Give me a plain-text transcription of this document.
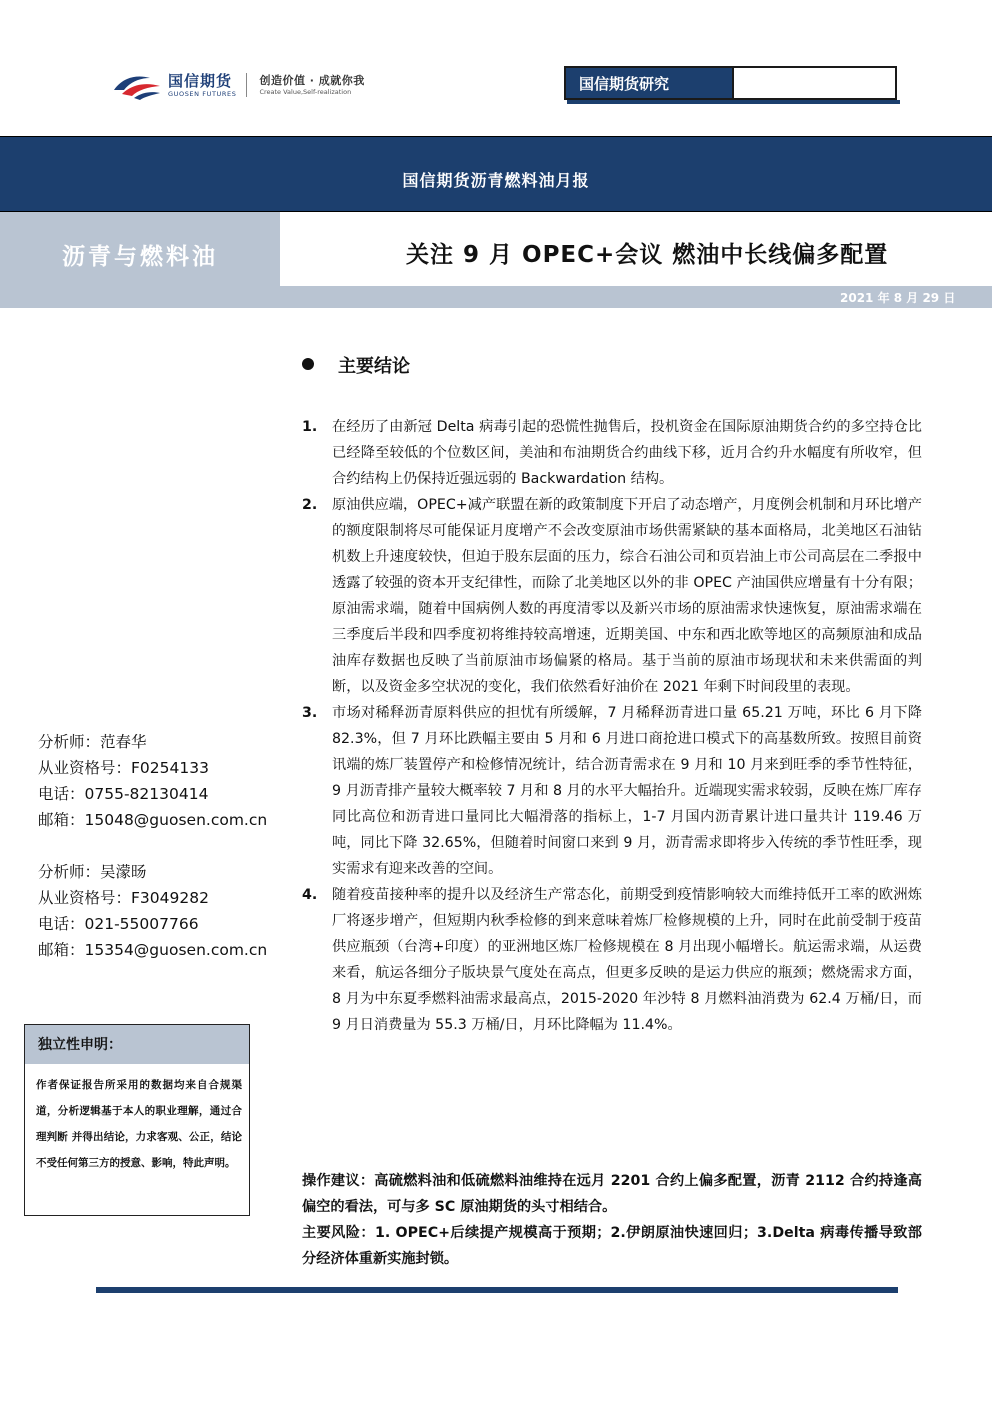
国信期货
GUOSEN FUTURES
创造价值 · 成就你我
Create Value,Self-realization	国信期货研究
国信期货沥青燃料油月报
沥青与燃料油	关注 9 月 OPEC+会议 燃油中长线偏多配置
2021 年 8 月 29 日
主要结论
1.	在经历了由新冠 Delta 病毒引起的恐慌性抛售后，投机资金在国际原油期货合约的多空持仓比已经降至较低的个位数区间，美油和布油期货合约曲线下移，近月合约升水幅度有所收窄，但合约结构上仍保持近强远弱的 Backwardation 结构。
2.	原油供应端，OPEC+减产联盟在新的政策制度下开启了动态增产，月度例会机制和月环比增产的额度限制将尽可能保证月度增产不会改变原油市场供需紧缺的基本面格局，北美地区石油钻机数上升速度较快，但迫于股东层面的压力，综合石油公司和页岩油上市公司高层在二季报中透露了较强的资本开支纪律性，而除了北美地区以外的非 OPEC 产油国供应增量有十分有限；原油需求端，随着中国病例人数的再度清零以及新兴市场的原油需求快速恢复，原油需求端在三季度后半段和四季度初将维持较高增速，近期美国、中东和西北欧等地区的高频原油和成品油库存数据也反映了当前原油市场偏紧的格局。基于当前的原油市场现状和未来供需面的判断，以及资金多空状况的变化，我们依然看好油价在 2021 年剩下时间段里的表现。
3.	市场对稀释沥青原料供应的担忧有所缓解，7 月稀释沥青进口量 65.21 万吨，环比 6 月下降 82.3%，但 7 月环比跌幅主要由 5 月和 6 月进口商抢进口模式下的高基数所致。按照目前资讯端的炼厂装置停产和检修情况统计，结合沥青需求在 9 月和 10 月来到旺季的季节性特征，9 月沥青排产量较大概率较 7 月和 8 月的水平大幅抬升。近端现实需求较弱，反映在炼厂库存同比高位和沥青进口量同比大幅滑落的指标上，1-7 月国内沥青累计进口量共计 119.46 万吨，同比下降 32.65%，但随着时间窗口来到 9 月，沥青需求即将步入传统的季节性旺季，现实需求有迎来改善的空间。
4.	随着疫苗接种率的提升以及经济生产常态化，前期受到疫情影响较大而维持低开工率的欧洲炼厂将逐步增产，但短期内秋季检修的到来意味着炼厂检修规模的上升，同时在此前受制于疫苗供应瓶颈（台湾+印度）的亚洲地区炼厂检修规模在 8 月出现小幅增长。航运需求端，从运费来看，航运各细分子版块景气度处在高点，但更多反映的是运力供应的瓶颈；燃烧需求方面，8 月为中东夏季燃料油需求最高点，2015-2020 年沙特 8 月燃料油消费为 62.4 万桶/日，而 9 月日消费量为 55.3 万桶/日，月环比降幅为 11.4%。
操作建议：高硫燃料油和低硫燃料油维持在远月 2201 合约上偏多配置，沥青 2112 合约持逢高偏空的看法，可与多 SC 原油期货的头寸相结合。
主要风险：1. OPEC+后续提产规模高于预期；2.伊朗原油快速回归；3.Delta 病毒传播导致部分经济体重新实施封锁。
分析师：范春华
从业资格号：F0254133
电话：0755-82130414
邮箱：15048@guosen.com.cn
分析师：吴濛旸
从业资格号：F3049282
电话：021-55007766
邮箱：15354@guosen.com.cn
独立性申明：
作者保证报告所采用的数据均来自合规渠道，分析逻辑基于本人的职业理解，通过合理判断 并得出结论，力求客观、公正，结论不受任何第三方的授意、影响，特此声明。
